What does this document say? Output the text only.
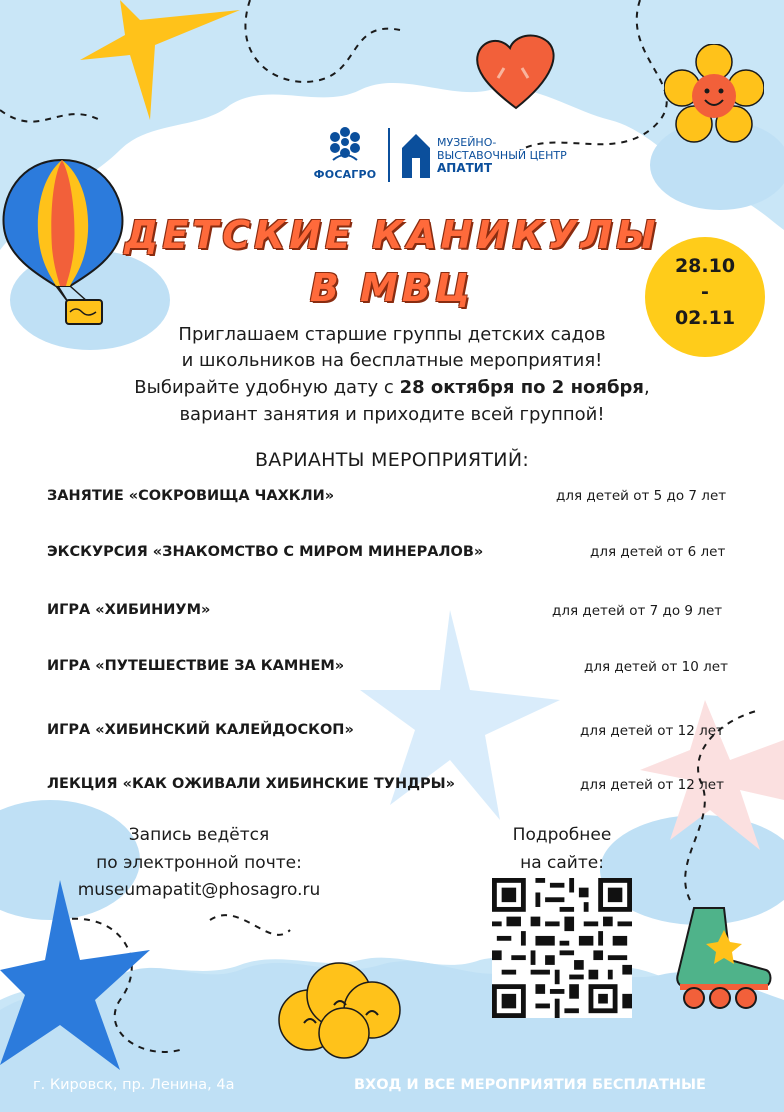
ФОСАГРО
МУЗЕЙНО-
ВЫСТАВОЧНЫЙ ЦЕНТР
АПАТИТ
ДЕТСКИЕ КАНИКУЛЫ
В МВЦ	28.10
-
02.11
Приглашаем старшие группы детских садов
и школьников на бесплатные мероприятия!
Выбирайте удобную дату с 28 октября по 2 ноября,
вариант занятия и приходите всей группой!
ВАРИАНТЫ МЕРОПРИЯТИЙ:
ЗАНЯТИЕ «СОКРОВИЩА ЧАХКЛИ»	для детей от 5 до 7 лет
ЭКСКУРСИЯ «ЗНАКОМСТВО С МИРОМ МИНЕРАЛОВ»	для детей от 6 лет
ИГРА «ХИБИНИУМ»	для детей от 7 до 9 лет
ИГРА «ПУТЕШЕСТВИЕ ЗА КАМНЕМ»	для детей от 10 лет
ИГРА «ХИБИНСКИЙ КАЛЕЙДОСКОП»	для детей от 12 лет
ЛЕКЦИЯ «КАК ОЖИВАЛИ ХИБИНСКИЕ ТУНДРЫ»	для детей от 12 лет
Запись ведётся
по электронной почте:
museumapatit@phosagro.ru
Подробнее
на сайте:
г. Кировск, пр. Ленина, 4а	ВХОД И ВСЕ МЕРОПРИЯТИЯ БЕСПЛАТНЫЕ
